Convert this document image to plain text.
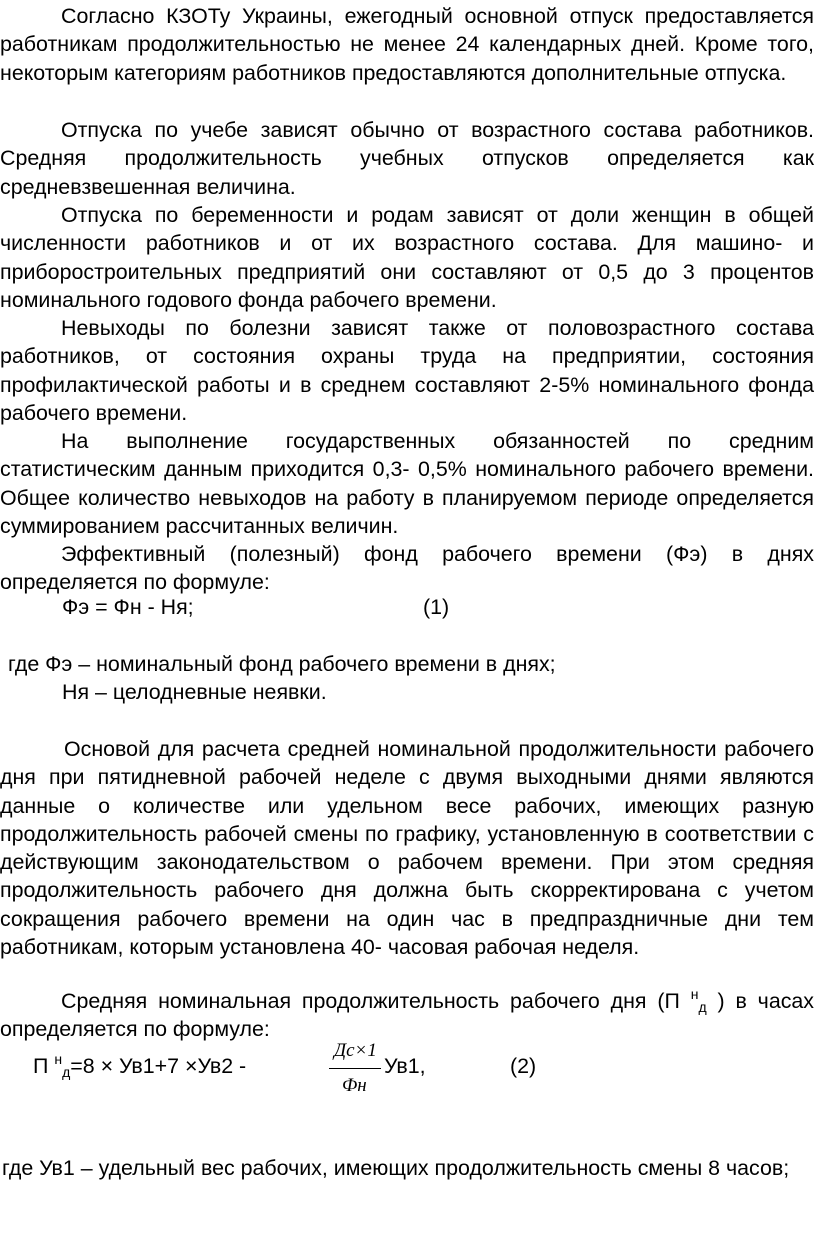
Согласно КЗОТу Украины, ежегодный основной отпуск предоставляется работникам продолжительностью не менее 24 календарных дней. Кроме того, некоторым категориям работников предоставляются дополнительные отпуска.
Отпуска по учебе зависят обычно от возрастного состава работников. Средняя продолжительность учебных отпусков определяется как средневзвешенная величина.
Отпуска по беременности и родам зависят от доли женщин в общей численности работников и от их возрастного состава. Для машино- и приборостроительных предприятий они составляют от 0,5 до 3 процентов номинального годового фонда рабочего времени.
Невыходы по болезни зависят также от половозрастного состава работников, от состояния охраны труда на предприятии, состояния профилактической работы и в среднем составляют 2-5% номинального фонда рабочего времени.
На выполнение государственных обязанностей по средним статистическим данным приходится 0,3- 0,5% номинального рабочего времени. Общее количество невыходов на работу в планируемом периоде определяется суммированием рассчитанных величин.
Эффективный (полезный) фонд рабочего времени (Фэ) в днях определяется по формуле:
Фэ = Фн - Ня;	(1)
где Фэ – номинальный фонд рабочего времени в днях;
Ня – целодневные неявки.
Основой для расчета средней номинальной продолжительности рабочего дня при пятидневной рабочей неделе с двумя выходными днями являются данные о количестве или удельном весе рабочих, имеющих разную продолжительность рабочей смены по графику, установленную в соответствии с действующим законодательством о рабочем времени. При этом средняя продолжительность рабочего дня должна быть скорректирована с учетом сокращения рабочего времени на один час в предпраздничные дни тем работникам, которым установлена 40- часовая рабочая неделя.
Средняя номинальная продолжительность рабочего дня (П $^н_д$ ) в часах определяется по формуле:
П $^н_д$=8 × Ув1+7 ×Ув2 -
Дс×1
Фн
Ув1,	(2)
где Ув1 – удельный вес рабочих, имеющих продолжительность смены 8 часов;
